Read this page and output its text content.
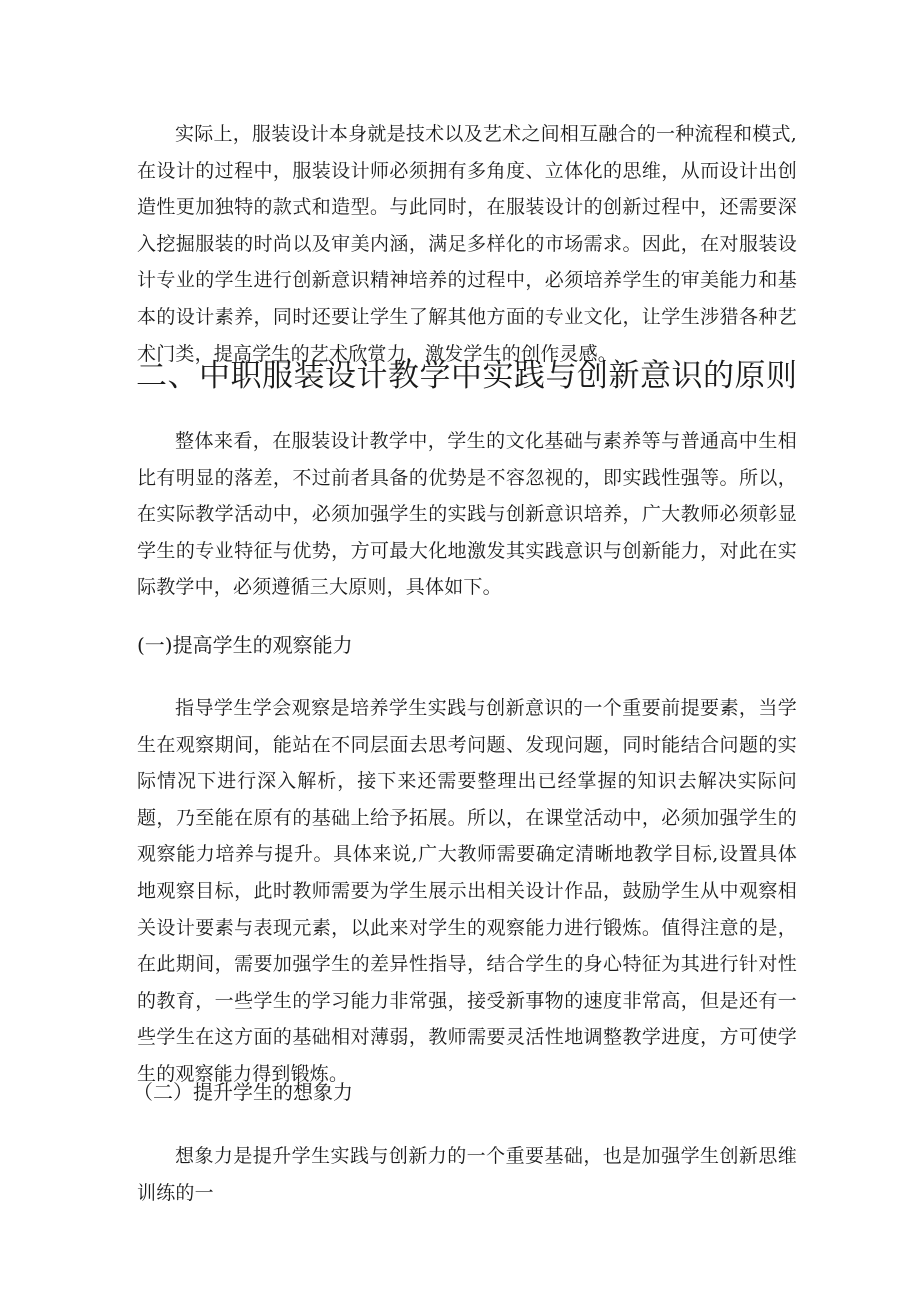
实际上，服装设计本身就是技术以及艺术之间相互融合的一种流程和模式,在设计的过程中，服装设计师必须拥有多角度、立体化的思维，从而设计出创造性更加独特的款式和造型。与此同时，在服装设计的创新过程中，还需要深入挖掘服装的时尚以及审美内涵，满足多样化的市场需求。因此，在对服装设计专业的学生进行创新意识精神培养的过程中，必须培养学生的审美能力和基本的设计素养，同时还要让学生了解其他方面的专业文化，让学生涉猎各种艺术门类，提高学生的艺术欣赏力，激发学生的创作灵感。

二、中职服装设计教学中实践与创新意识的原则

整体来看，在服装设计教学中，学生的文化基础与素养等与普通高中生相比有明显的落差，不过前者具备的优势是不容忽视的，即实践性强等。所以，在实际教学活动中，必须加强学生的实践与创新意识培养，广大教师必须彰显学生的专业特征与优势，方可最大化地激发其实践意识与创新能力，对此在实际教学中，必须遵循三大原则，具体如下。

(一)提高学生的观察能力

指导学生学会观察是培养学生实践与创新意识的一个重要前提要素，当学生在观察期间，能站在不同层面去思考问题、发现问题，同时能结合问题的实际情况下进行深入解析，接下来还需要整理出已经掌握的知识去解决实际问题，乃至能在原有的基础上给予拓展。所以，在课堂活动中，必须加强学生的观察能力培养与提升。具体来说,广大教师需要确定清晰地教学目标,设置具体地观察目标，此时教师需要为学生展示出相关设计作品，鼓励学生从中观察相关设计要素与表现元素，以此来对学生的观察能力进行锻炼。值得注意的是，在此期间，需要加强学生的差异性指导，结合学生的身心特征为其进行针对性的教育，一些学生的学习能力非常强，接受新事物的速度非常高，但是还有一些学生在这方面的基础相对薄弱，教师需要灵活性地调整教学进度，方可使学生的观察能力得到锻炼。

（二）提升学生的想象力

想象力是提升学生实践与创新力的一个重要基础，也是加强学生创新思维训练的一
